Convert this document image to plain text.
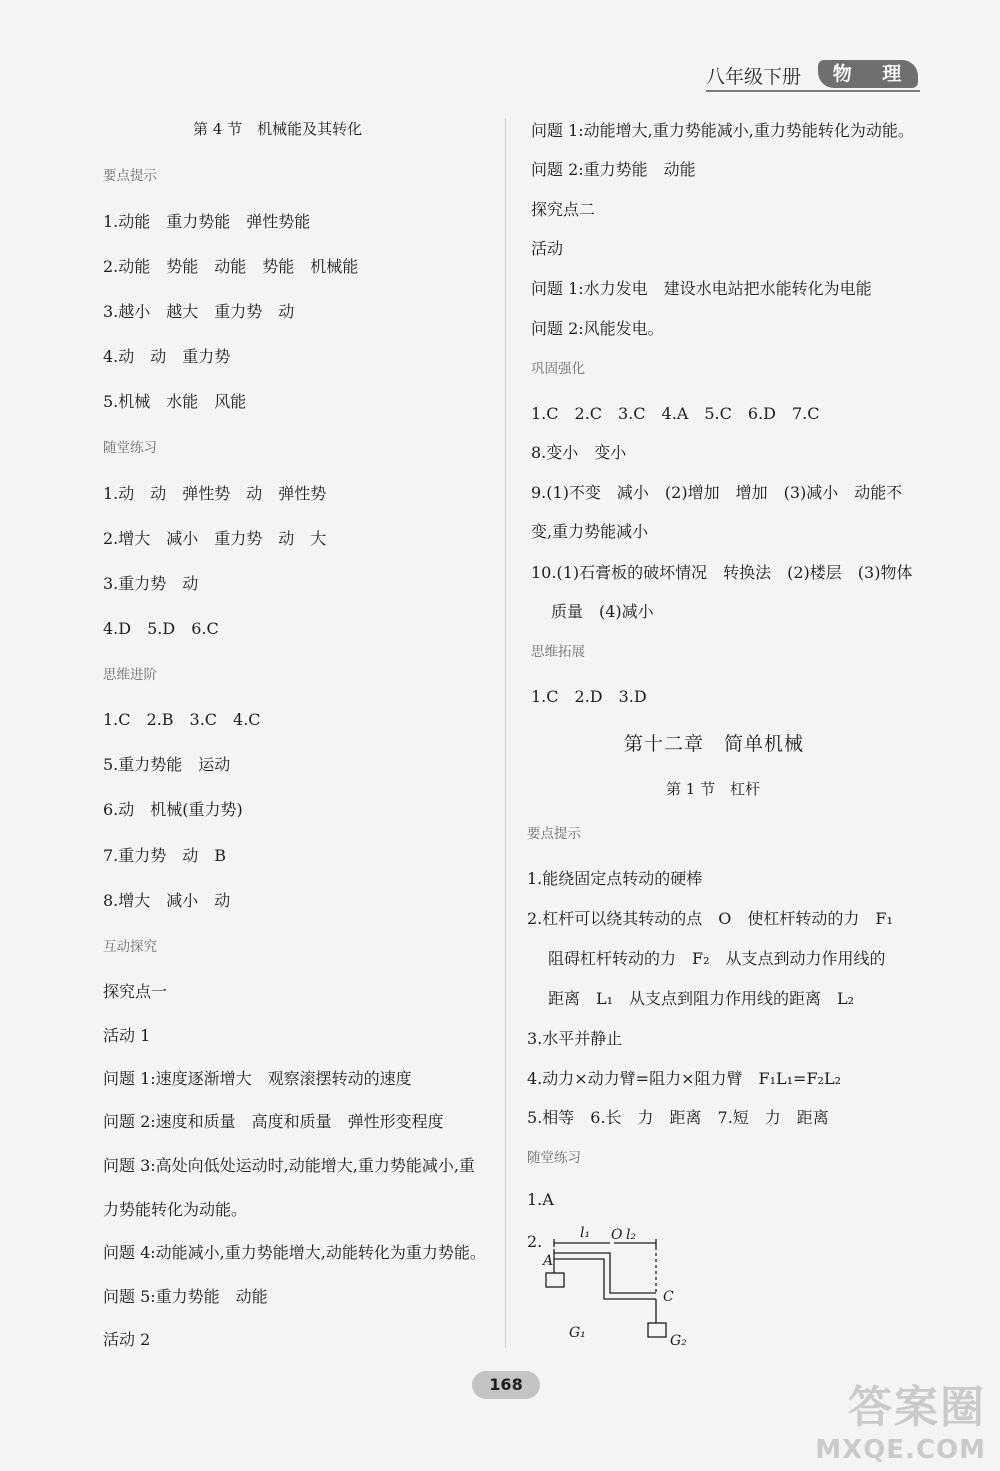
八年级下册	物 理
第 4 节　机械能及其转化
要点提示
1.动能　重力势能　弹性势能
2.动能　势能　动能　势能　机械能
3.越小　越大　重力势　动
4.动　动　重力势
5.机械　水能　风能
随堂练习
1.动　动　弹性势　动　弹性势
2.增大　减小　重力势　动　大
3.重力势　动
4.D　5.D　6.C
思维进阶
1.C　2.B　3.C　4.C
5.重力势能　运动
6.动　机械(重力势)
7.重力势　动　B
8.增大　减小　动
互动探究
探究点一
活动 1
问题 1:速度逐渐增大　观察滚摆转动的速度
问题 2:速度和质量　高度和质量　弹性形变程度
问题 3:高处向低处运动时,动能增大,重力势能减小,重
力势能转化为动能。
问题 4:动能减小,重力势能增大,动能转化为重力势能。
问题 5:重力势能　动能
活动 2
问题 1:动能增大,重力势能减小,重力势能转化为动能。
问题 2:重力势能　动能
探究点二
活动
问题 1:水力发电　建设水电站把水能转化为电能
问题 2:风能发电。
巩固强化
1.C　2.C　3.C　4.A　5.C　6.D　7.C
8.变小　变小
9.(1)不变　减小　(2)增加　增加　(3)减小　动能不
变,重力势能减小
10.(1)石膏板的破坏情况　转换法　(2)楼层　(3)物体
质量　(4)减小
思维拓展
1.C　2.D　3.D
第十二章　简单机械
第 1 节　杠杆
要点提示
1.能绕固定点转动的硬棒
2.杠杆可以绕其转动的点　O　使杠杆转动的力　F₁
阻碍杠杆转动的力　F₂　从支点到动力作用线的
距离　L₁　从支点到阻力作用线的距离　L₂
3.水平并静止
4.动力×动力臂=阻力×阻力臂　F₁L₁=F₂L₂
5.相等　6.长　力　距离　7.短　力　距离
随堂练习
1.A
2.	l₁ O l₂
A
C
G₁	G₂
168	答案圈
MXQE.COM
